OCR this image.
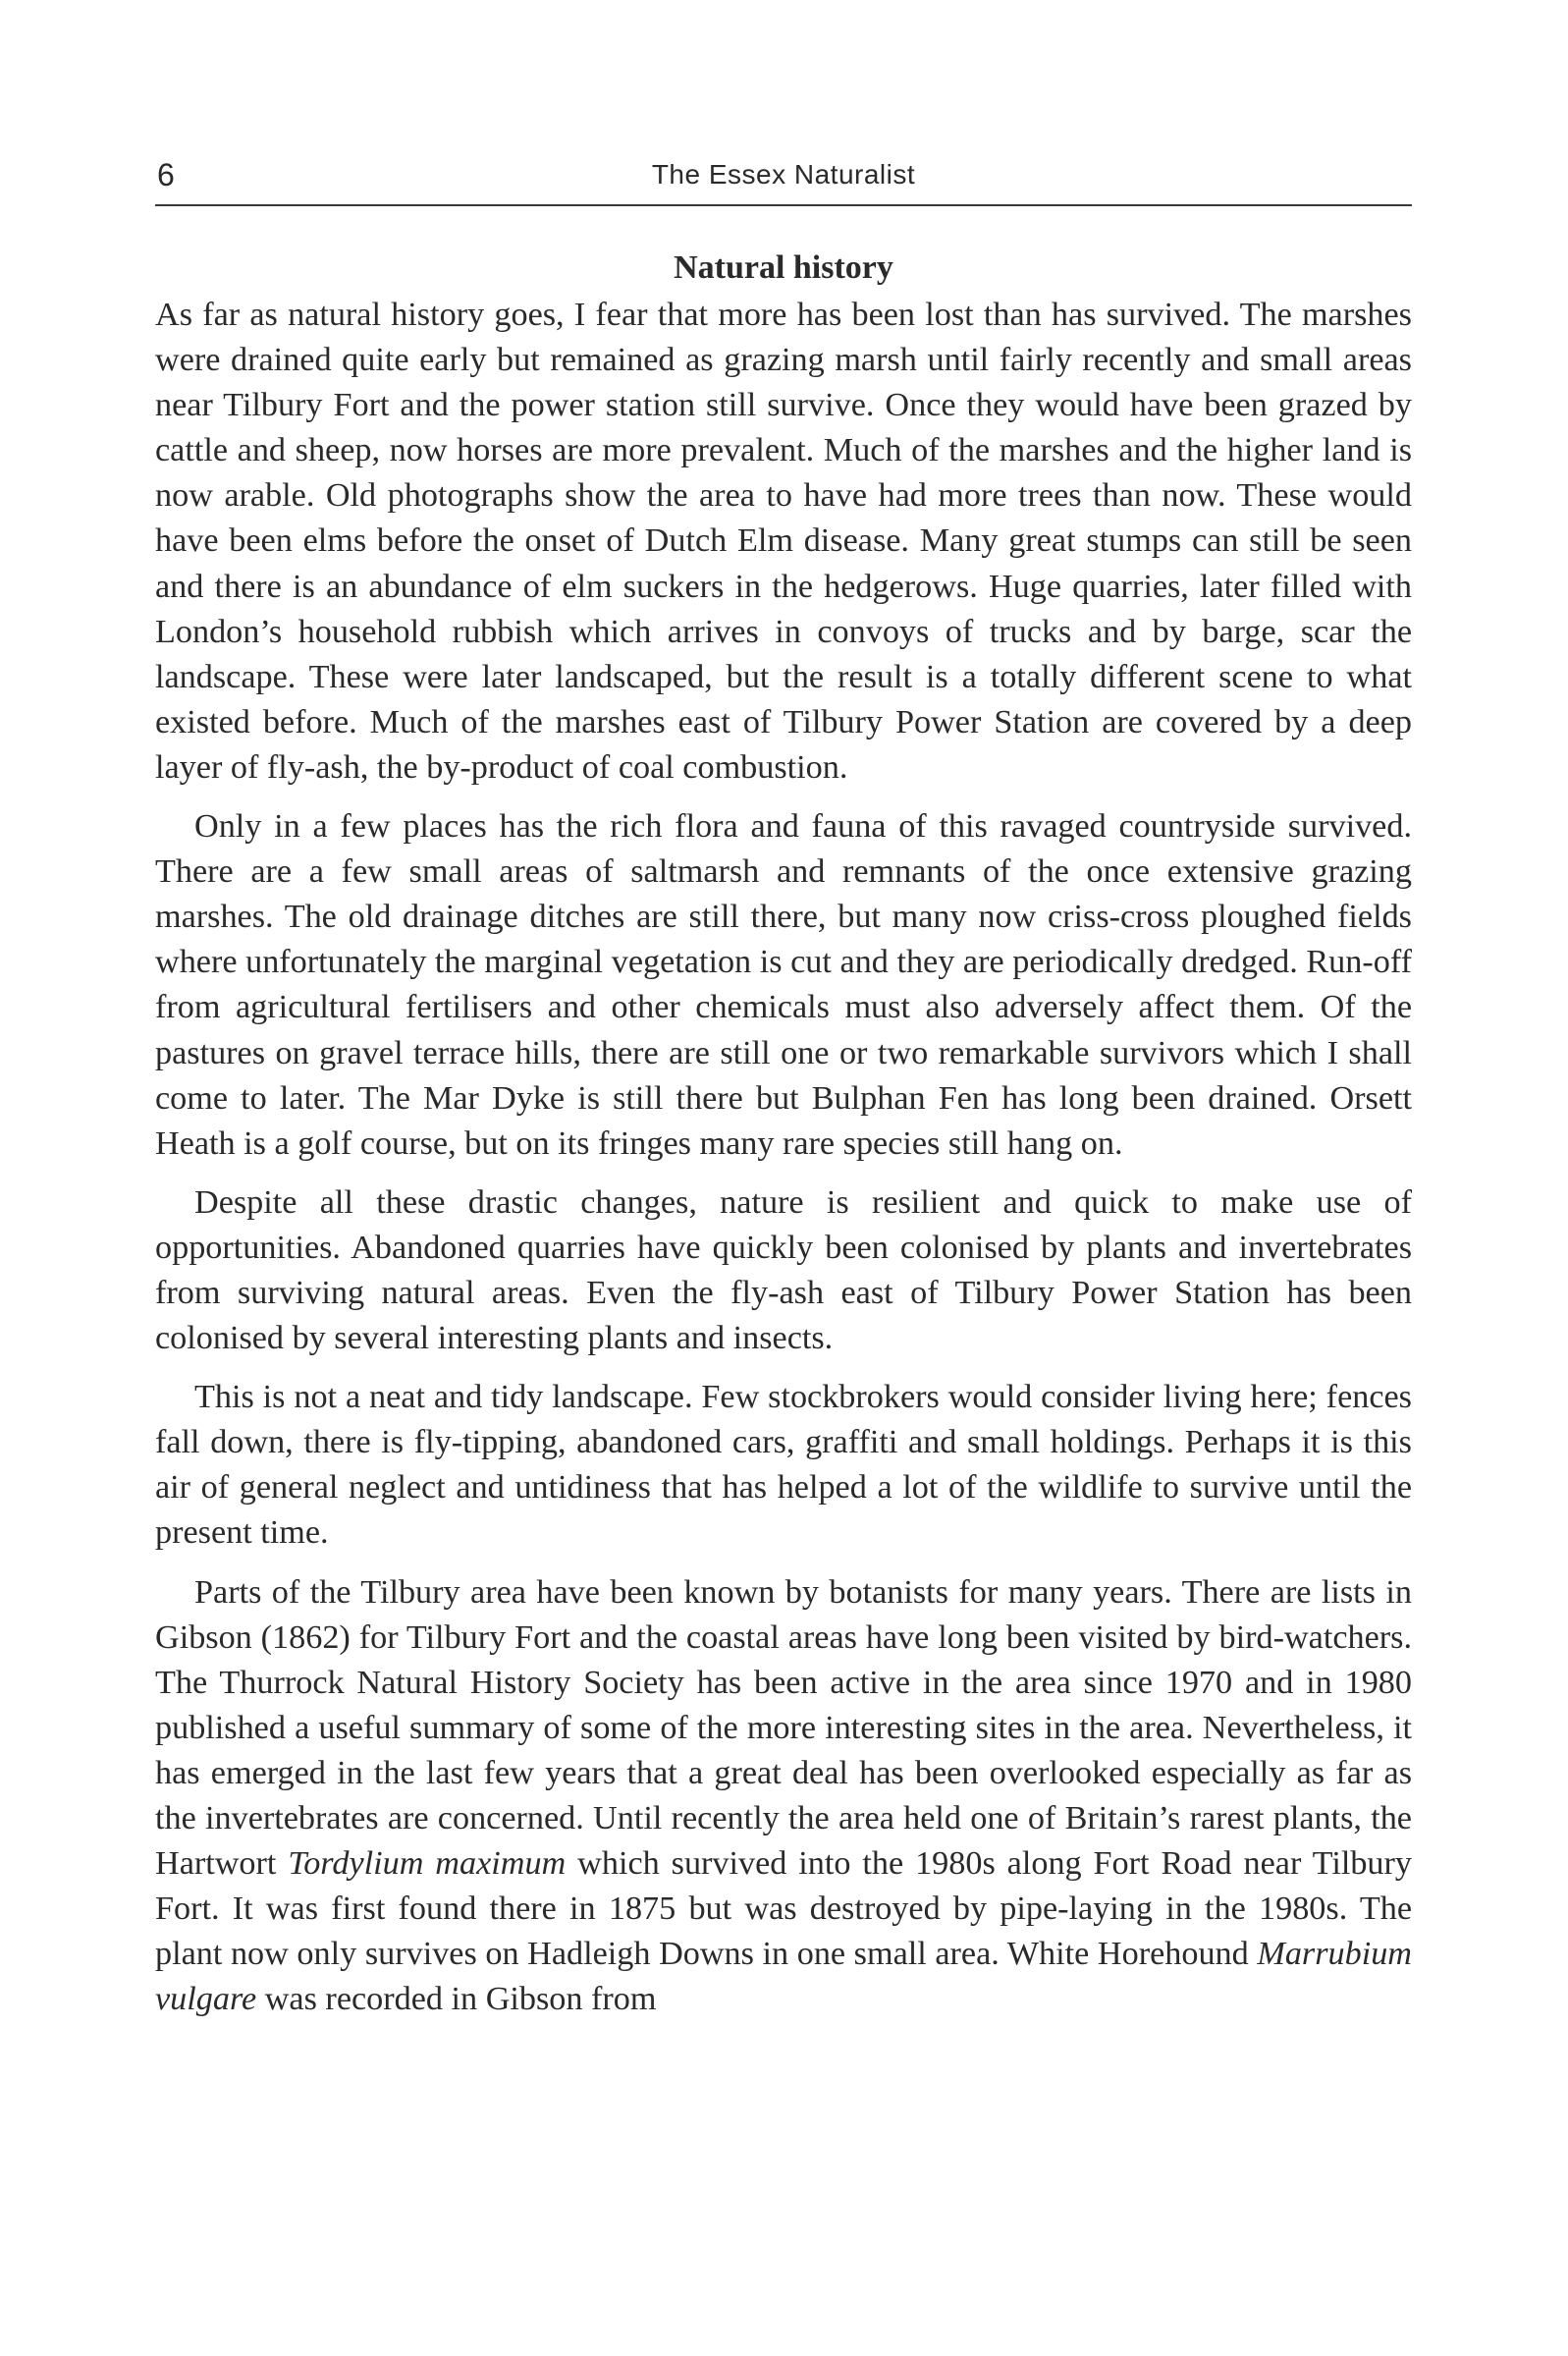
6	The Essex Naturalist
Natural history

As far as natural history goes, I fear that more has been lost than has survived. The marshes were drained quite early but remained as grazing marsh until fairly recently and small areas near Tilbury Fort and the power station still survive. Once they would have been grazed by cattle and sheep, now horses are more prevalent. Much of the marshes and the higher land is now arable. Old photographs show the area to have had more trees than now. These would have been elms before the onset of Dutch Elm disease. Many great stumps can still be seen and there is an abundance of elm suckers in the hedgerows. Huge quarries, later filled with London’s household rubbish which arrives in convoys of trucks and by barge, scar the landscape. These were later landscaped, but the result is a totally different scene to what existed before. Much of the marshes east of Tilbury Power Station are covered by a deep layer of fly-ash, the by-product of coal combustion.

Only in a few places has the rich flora and fauna of this ravaged countryside survived. There are a few small areas of saltmarsh and remnants of the once extensive grazing marshes. The old drainage ditches are still there, but many now criss-cross ploughed fields where unfortunately the marginal vegetation is cut and they are periodically dredged. Run-off from agricultural fertilisers and other chemicals must also adversely affect them. Of the pastures on gravel terrace hills, there are still one or two remarkable survivors which I shall come to later. The Mar Dyke is still there but Bulphan Fen has long been drained. Orsett Heath is a golf course, but on its fringes many rare species still hang on.

Despite all these drastic changes, nature is resilient and quick to make use of opportunities. Abandoned quarries have quickly been colonised by plants and invertebrates from surviving natural areas. Even the fly-ash east of Tilbury Power Station has been colonised by several interesting plants and insects.

This is not a neat and tidy landscape. Few stockbrokers would consider living here; fences fall down, there is fly-tipping, abandoned cars, graffiti and small holdings. Perhaps it is this air of general neglect and untidiness that has helped a lot of the wildlife to survive until the present time.

Parts of the Tilbury area have been known by botanists for many years. There are lists in Gibson (1862) for Tilbury Fort and the coastal areas have long been visited by bird-watchers. The Thurrock Natural History Society has been active in the area since 1970 and in 1980 published a useful summary of some of the more interesting sites in the area. Nevertheless, it has emerged in the last few years that a great deal has been overlooked especially as far as the invertebrates are concerned. Until recently the area held one of Britain’s rarest plants, the Hartwort Tordylium maximum which survived into the 1980s along Fort Road near Tilbury Fort. It was first found there in 1875 but was destroyed by pipe-laying in the 1980s. The plant now only survives on Hadleigh Downs in one small area. White Horehound Marrubium vulgare was recorded in Gibson from
